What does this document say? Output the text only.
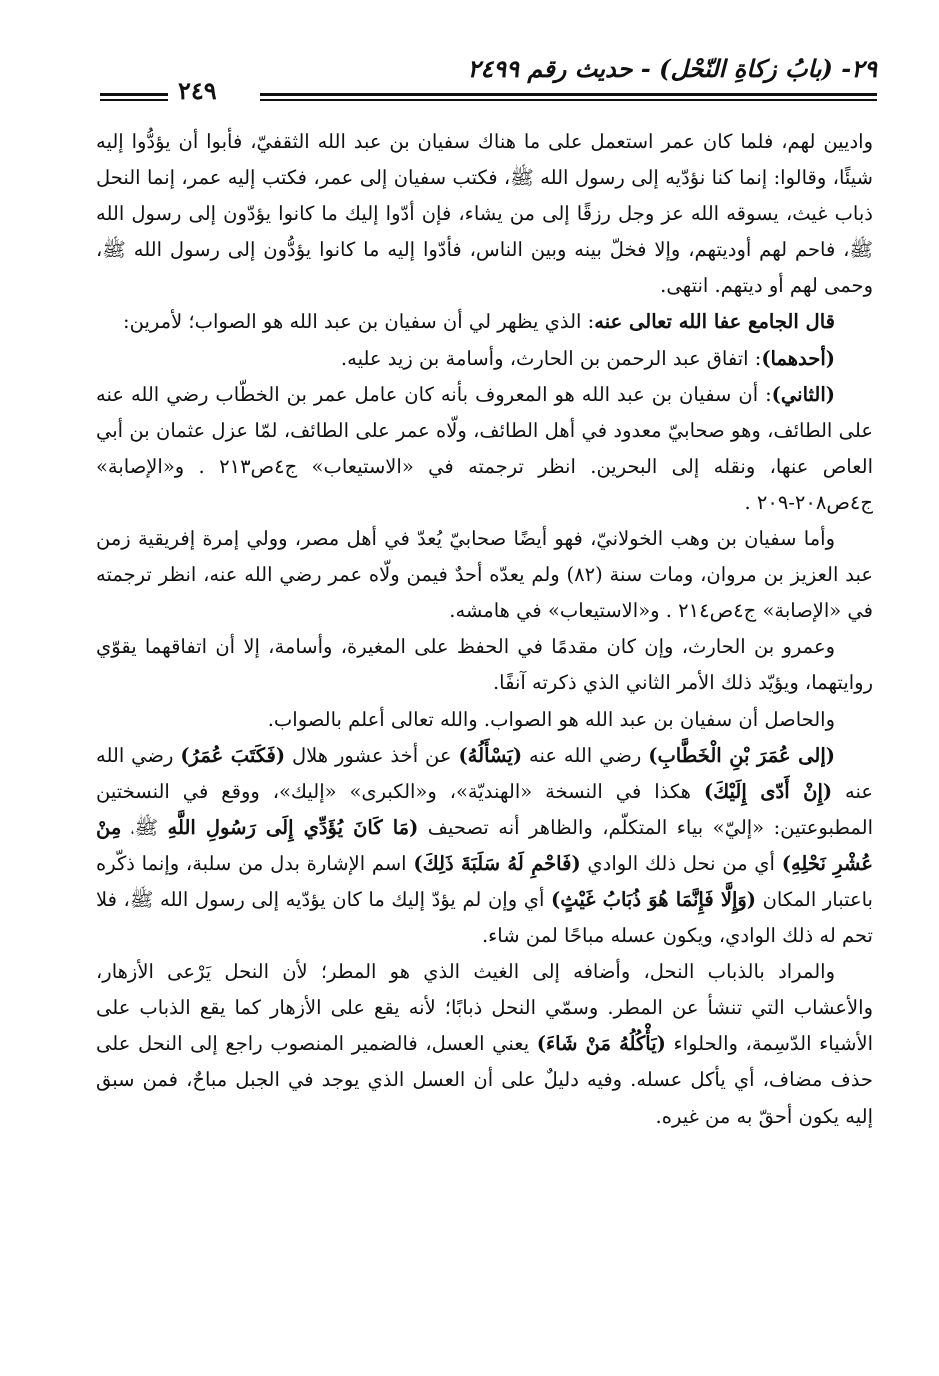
٢٩- (بابُ زكاةِ النّحْل) - حديث رقم ٢٤٩٩
٢٤٩

واديين لهم، فلما كان عمر استعمل على ما هناك سفيان بن عبد الله الثقفيّ، فأبوا أن يؤدُّوا إليه شيئًا، وقالوا: إنما كنا نؤدّيه إلى رسول الله ﷺ، فكتب سفيان إلى عمر، فكتب إليه عمر، إنما النحل ذباب غيث، يسوقه الله عز وجل رزقًا إلى من يشاء، فإن أدّوا إليك ما كانوا يؤدّون إلى رسول الله ﷺ، فاحم لهم أوديتهم، وإلا فخلّ بينه وبين الناس، فأدّوا إليه ما كانوا يؤدُّون إلى رسول الله ﷺ، وحمى لهم أو ديتهم. انتهى.

قال الجامع عفا الله تعالى عنه: الذي يظهر لي أن سفيان بن عبد الله هو الصواب؛ لأمرين:

(أحدهما): اتفاق عبد الرحمن بن الحارث، وأسامة بن زيد عليه.

(الثاني): أن سفيان بن عبد الله هو المعروف بأنه كان عامل عمر بن الخطّاب رضي الله عنه على الطائف، وهو صحابيّ معدود في أهل الطائف، ولّاه عمر على الطائف، لمّا عزل عثمان بن أبي العاص عنها، ونقله إلى البحرين. انظر ترجمته في «الاستيعاب» ج٤ص٢١٣ . و«الإصابة» ج٤ص٢٠٨-٢٠٩ .

وأما سفيان بن وهب الخولانيّ، فهو أيضًا صحابيّ يُعدّ في أهل مصر، وولي إمرة إفريقية زمن عبد العزيز بن مروان، ومات سنة (٨٢) ولم يعدّه أحدٌ فيمن ولّاه عمر رضي الله عنه، انظر ترجمته في «الإصابة» ج٤ص٢١٤ . و«الاستيعاب» في هامشه.

وعمرو بن الحارث، وإن كان مقدمًا في الحفظ على المغيرة، وأسامة، إلا أن اتفاقهما يقوّي روايتهما، ويؤيّد ذلك الأمر الثاني الذي ذكرته آنفًا.

والحاصل أن سفيان بن عبد الله هو الصواب. والله تعالى أعلم بالصواب.

(إلى عُمَرَ بْنِ الْخَطَّابِ) رضي الله عنه (يَسْأَلُهُ) عن أخذ عشور هلال (فَكَتَبَ عُمَرُ) رضي الله عنه (إِنْ أَدّى إِلَيْكَ) هكذا في النسخة «الهنديّة»، و«الكبرى» «إليك»، ووقع في النسختين المطبوعتين: «إليّ» بياء المتكلّم، والظاهر أنه تصحيف (مَا كَانَ يُؤَدِّي إِلَى رَسُولِ اللَّهِ ﷺ، مِنْ عُشْرِ نَحْلِهِ) أي من نحل ذلك الوادي (فَاحْمِ لَهُ سَلَبَةَ ذَلِكَ) اسم الإشارة بدل من سلبة، وإنما ذكّره باعتبار المكان (وَإِلَّا فَإِنَّمَا هُوَ ذُبَابُ غَيْثٍ) أي وإن لم يؤدّ إليك ما كان يؤدّيه إلى رسول الله ﷺ، فلا تحم له ذلك الوادي، ويكون عسله مباحًا لمن شاء.

والمراد بالذباب النحل، وأضافه إلى الغيث الذي هو المطر؛ لأن النحل يَرْعى الأزهار، والأعشاب التي تنشأ عن المطر. وسمّي النحل ذبابًا؛ لأنه يقع على الأزهار كما يقع الذباب على الأشياء الدّسِمة، والحلواء (يَأْكُلُهُ مَنْ شَاءَ) يعني العسل، فالضمير المنصوب راجع إلى النحل على حذف مضاف، أي يأكل عسله. وفيه دليلٌ على أن العسل الذي يوجد في الجبل مباحٌ، فمن سبق إليه يكون أحقّ به من غيره.
